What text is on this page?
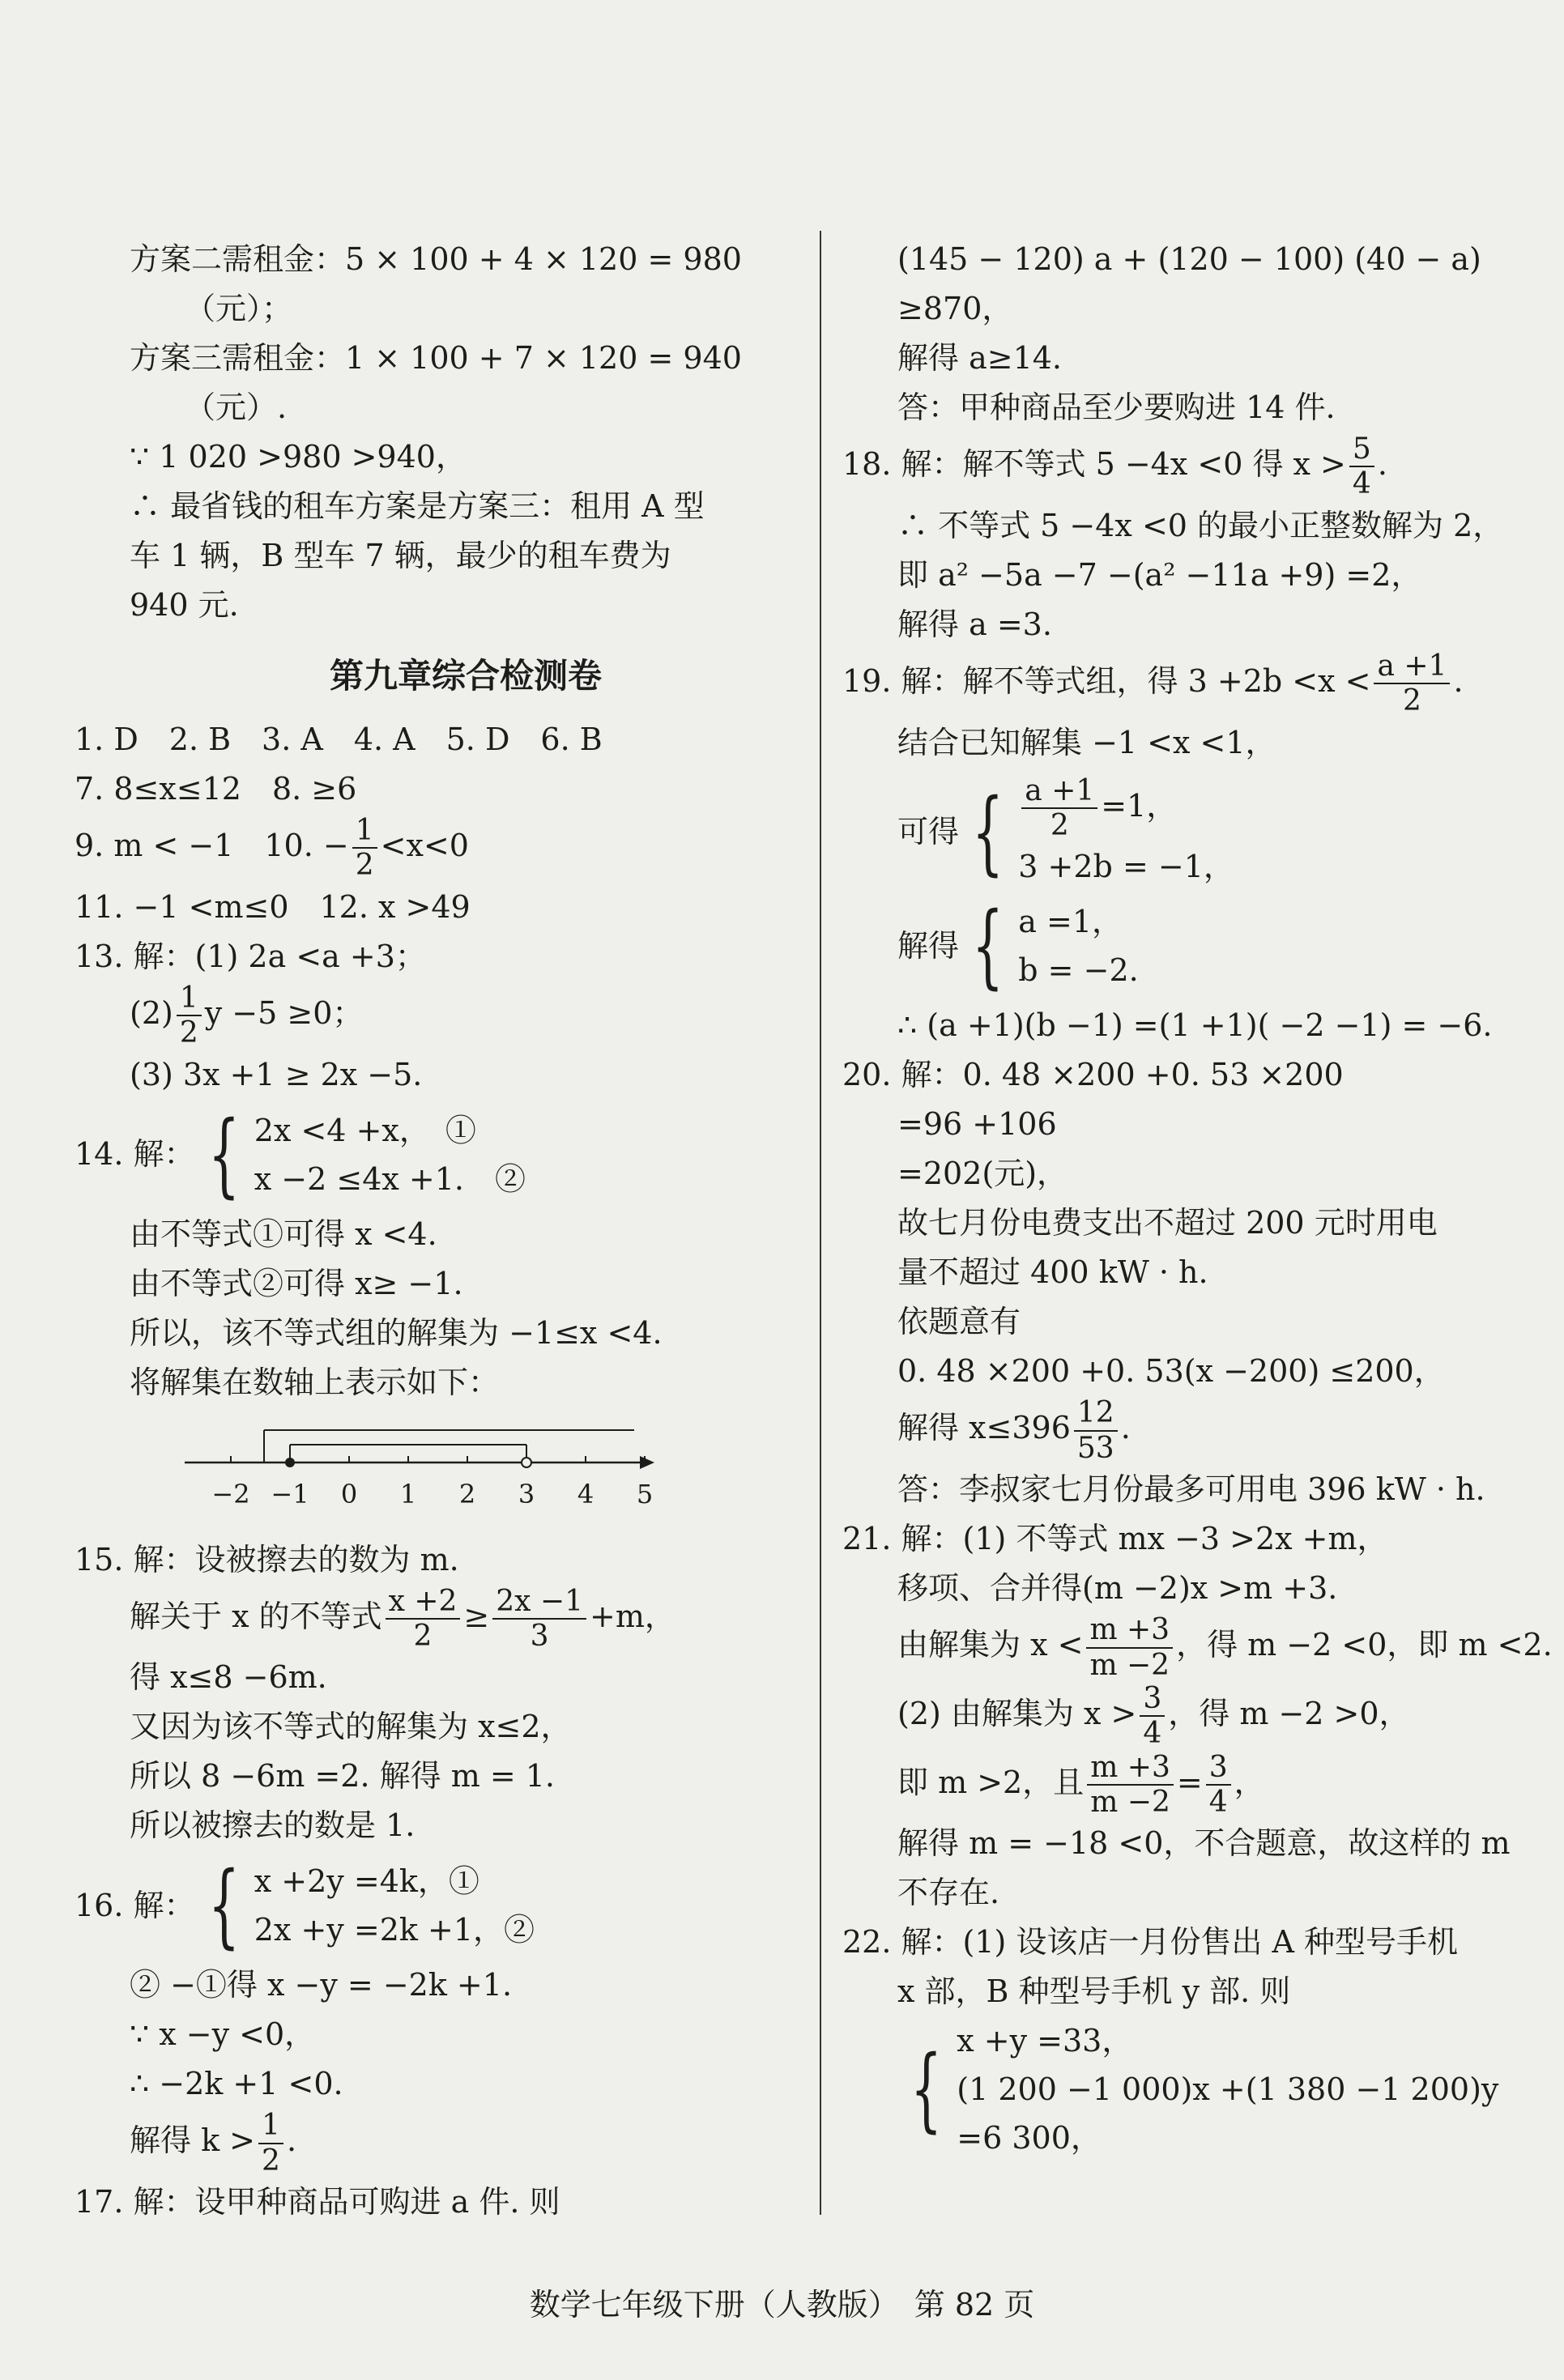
方案二需租金：5 × 100 + 4 × 120 = 980
（元）；
方案三需租金：1 × 100 + 7 × 120 = 940
（元）.
∵ 1 020 >980 >940，
∴ 最省钱的租车方案是方案三：租用 A 型
车 1 辆，B 型车 7 辆，最少的租车费为
940 元.
第九章综合检测卷
1. D　2. B　3. A　4. A　5. D　6. B
7. 8≤x≤12　8. ≥6
9. m < −1　10. − $\frac{1}{2} <x<0$
11. −1 <m≤0　12. x >49
13. 解：(1) 2a <a +3；
$(2) \frac{1}{2}$ y −5 ≥0；
(3) 3x +1 ≥ 2x −5.
14. 解： { 2x <4 +x，　①
x −2 ≤4x +1.　②
由不等式①可得 x <4.
由不等式②可得 x≥ −1.
所以，该不等式组的解集为 −1≤x <4.
将解集在数轴上表示如下：
−2 −1 0 1 2 3 4 5
15. 解：设被擦去的数为 m.
解关于 x 的不等式 $\frac{x +2}{2} \ge \frac{2x -1}{3} +m$，
得 x≤8 −6m.
又因为该不等式的解集为 x≤2，
所以 8 −6m =2. 解得 m = 1.
所以被擦去的数是 1.
16. 解： { x +2y =4k，①
2x +y =2k +1，②
② −①得 x −y = −2k +1.
∵ x −y <0，
∴ −2k +1 <0.
解得 $k > \frac{1}{2}$ .
17. 解：设甲种商品可购进 a 件. 则
(145 − 120) a + (120 − 100) (40 − a)
≥870，
解得 a≥14.
答：甲种商品至少要购进 14 件.
18. 解：解不等式 5 −4x <0 得 $x > \frac{5}{4}$ .
∴ 不等式 5 −4x <0 的最小正整数解为 2，
即 a² −5a −7 −(a² −11a +9) =2，
解得 a =3.
19. 解：解不等式组，得 $3 +2b <x < \frac{a +1}{2}$ .
结合已知解集 −1 <x <1，
可得 { $\frac{a +1}{2} =1$，
3 +2b = −1，
解得 { a =1，
b = −2.
∴ (a +1)(b −1) =(1 +1)( −2 −1) = −6.
20. 解：0. 48 ×200 +0. 53 ×200
=96 +106
=202(元)，
故七月份电费支出不超过 200 元时用电
量不超过 400 kW · h.
依题意有
0. 48 ×200 +0. 53(x −200) ≤200，
解得 $x\le 396 \frac{12}{53}$ .
答：李叔家七月份最多可用电 396 kW · h.
21. 解：(1) 不等式 mx −3 >2x +m，
移项、合并得(m −2)x >m +3.
由解集为 $x < \frac{m +3}{m -2}$ ，得 m −2 <0，即 m <2.
(2) 由解集为 $x > \frac{3}{4}$ ，得 m −2 >0，
即 m >2，且 $\frac{m +3}{m -2} = \frac{3}{4}$ ，
解得 m = −18 <0，不合题意，故这样的 m
不存在.
22. 解：(1) 设该店一月份售出 A 种型号手机
x 部，B 种型号手机 y 部. 则
{ x +y =33，
(1 200 −1 000)x +(1 380 −1 200)y =6 300，
数学七年级下册（人教版）　第 82 页
